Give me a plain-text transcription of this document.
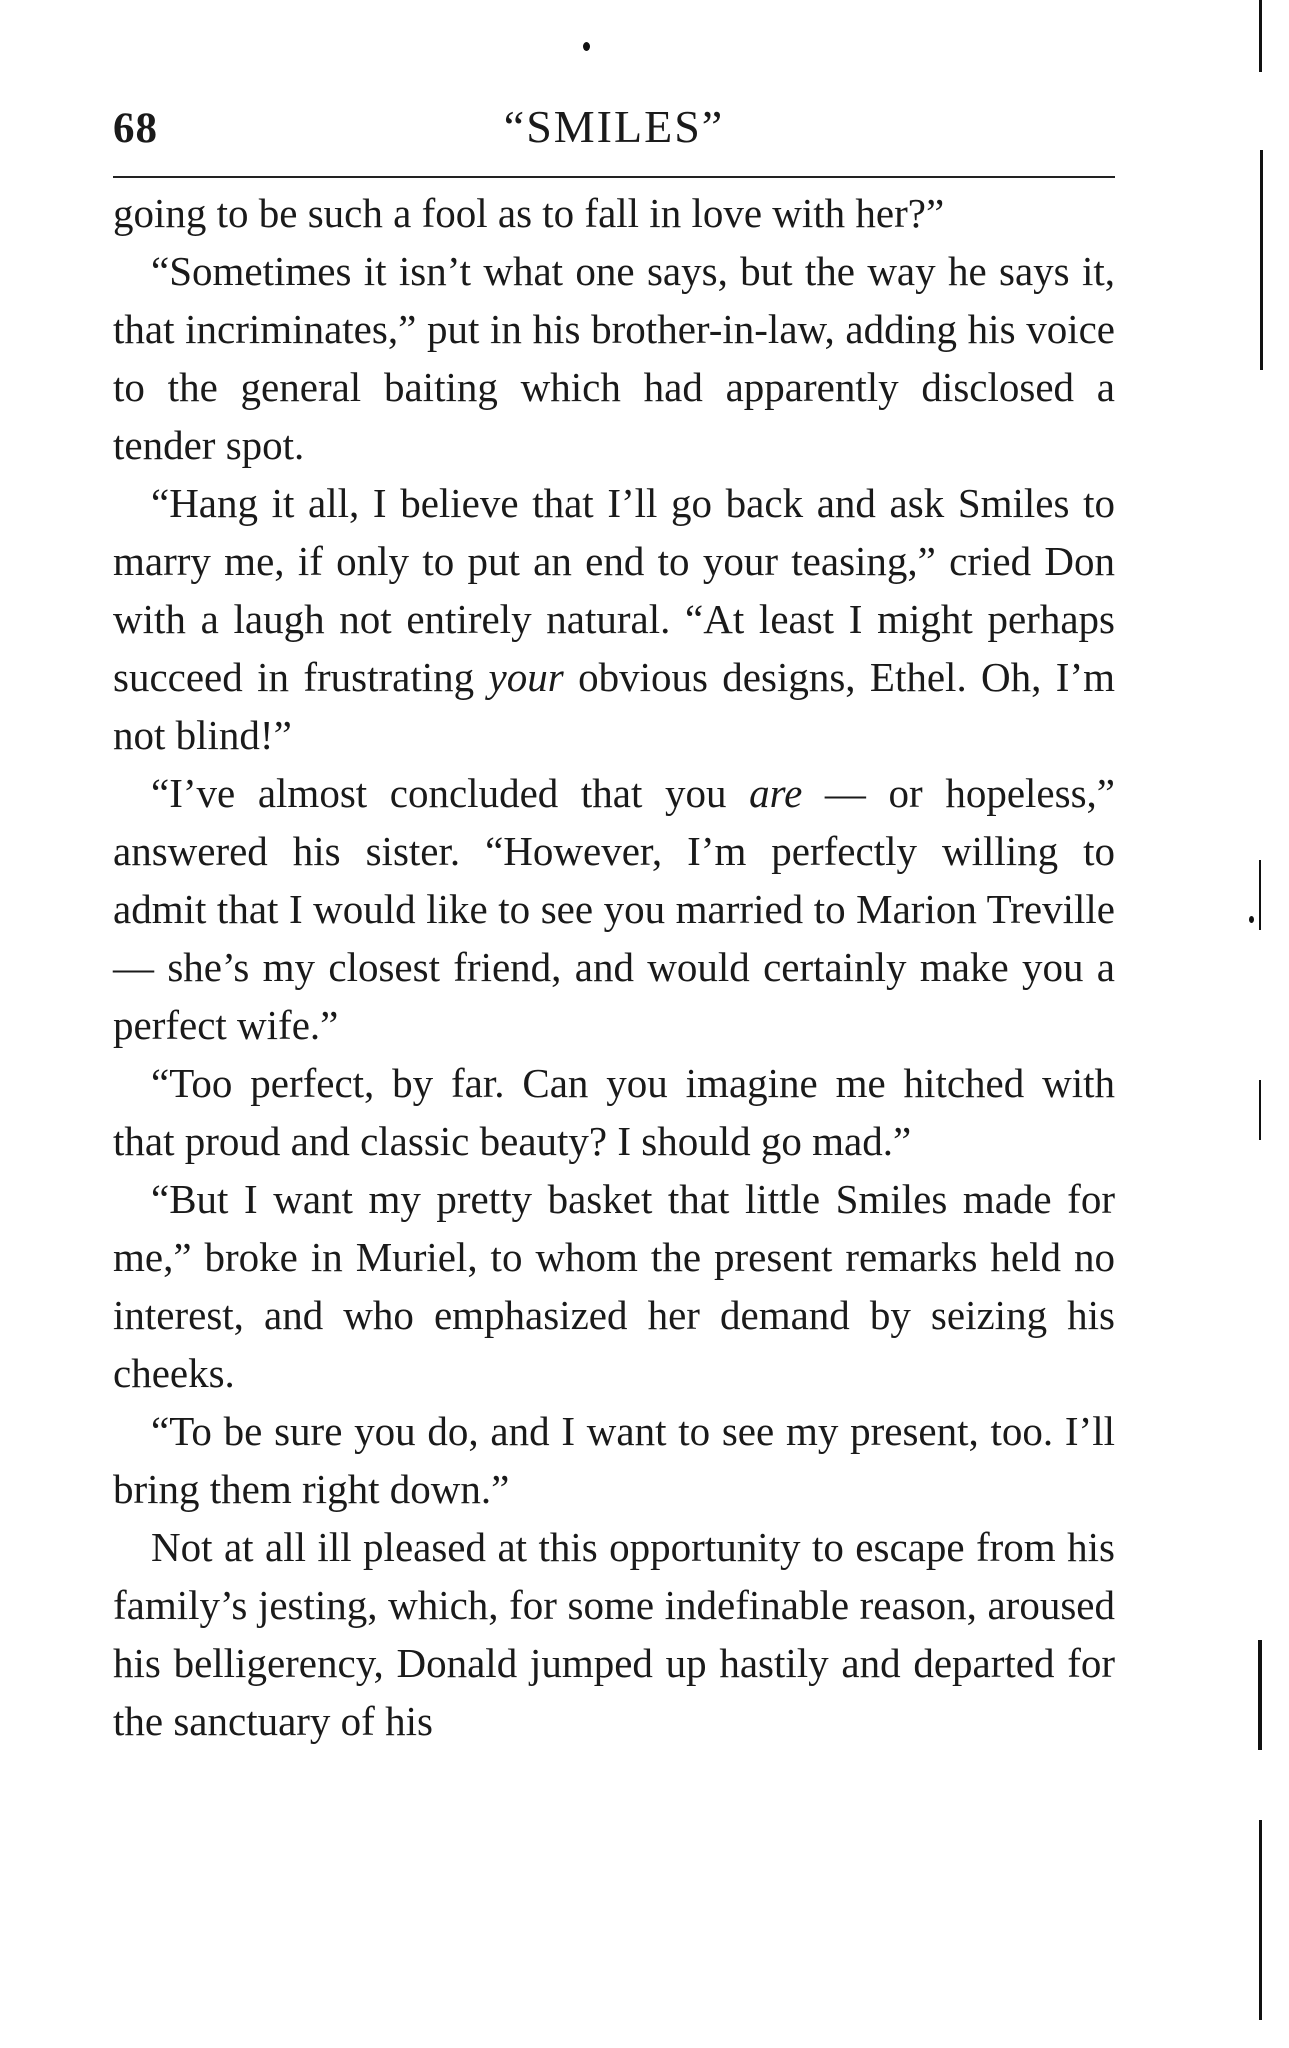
68	“SMILES”

going to be such a fool as to fall in love with her?”

“Sometimes it isn’t what one says, but the way he says it, that incriminates,” put in his brother-in-law, adding his voice to the general baiting which had apparently disclosed a tender spot.

“Hang it all, I believe that I’ll go back and ask Smiles to marry me, if only to put an end to your teasing,” cried Don with a laugh not entirely natural. “At least I might perhaps succeed in frustrating your obvious designs, Ethel. Oh, I’m not blind!”

“I’ve almost concluded that you are — or hopeless,” answered his sister. “However, I’m perfectly willing to admit that I would like to see you married to Marion Treville — she’s my closest friend, and would certainly make you a perfect wife.”

“Too perfect, by far. Can you imagine me hitched with that proud and classic beauty? I should go mad.”

“But I want my pretty basket that little Smiles made for me,” broke in Muriel, to whom the present remarks held no interest, and who emphasized her demand by seizing his cheeks.

“To be sure you do, and I want to see my present, too. I’ll bring them right down.”

Not at all ill pleased at this opportunity to escape from his family’s jesting, which, for some indefinable reason, aroused his belligerency, Donald jumped up hastily and departed for the sanctuary of his
